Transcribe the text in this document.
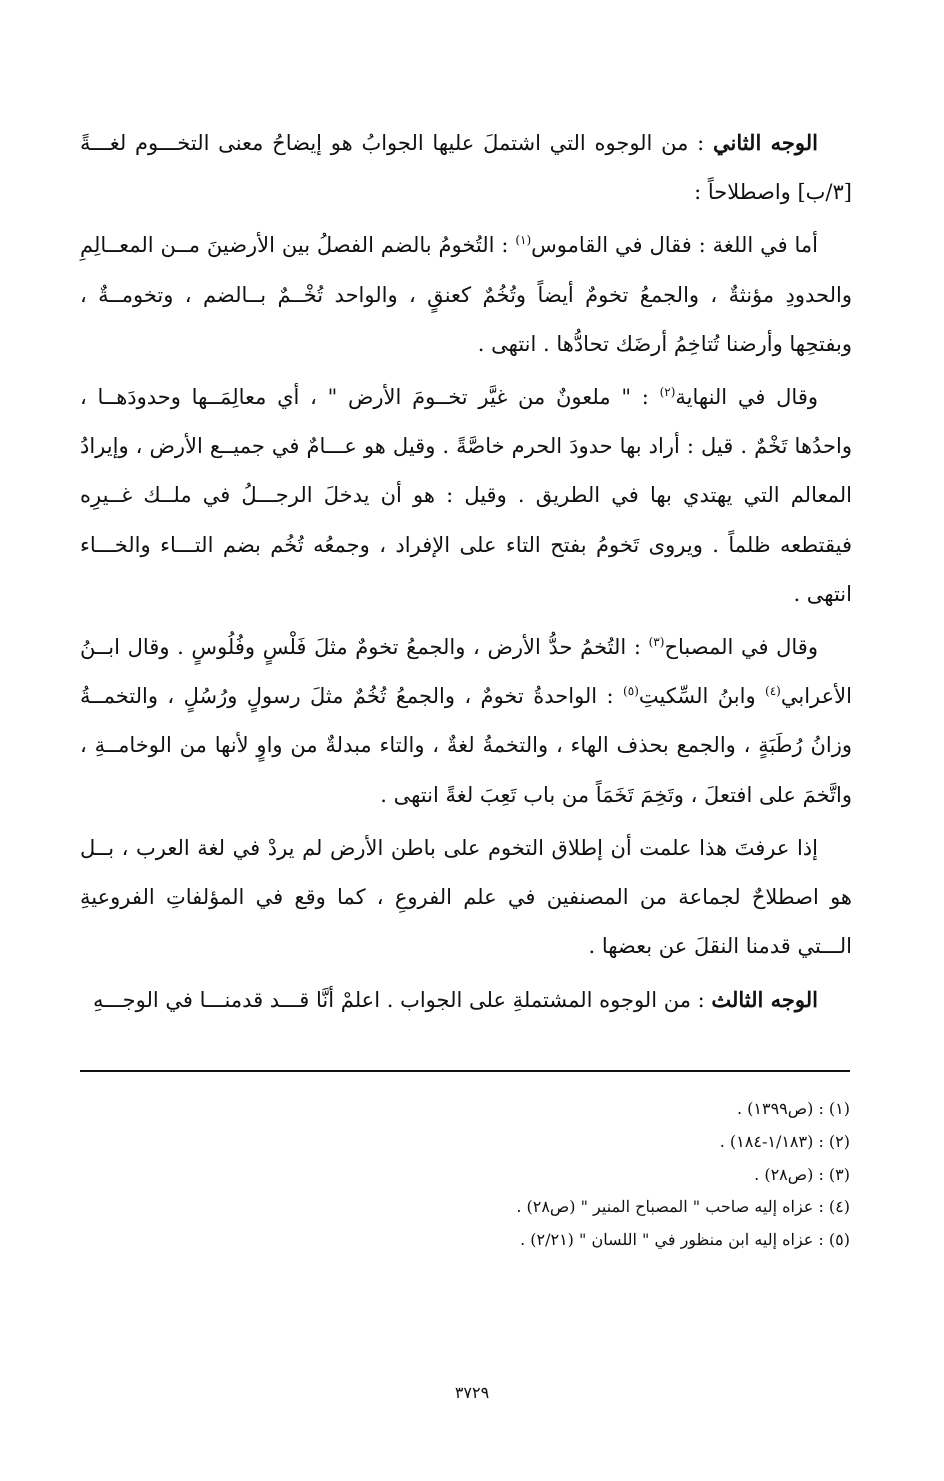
الوجه الثاني : من الوجوه التي اشتملَ عليها الجوابُ هو إيضاحُ معنى التخـــوم لغـــةً [٣/ب] واصطلاحاً :

أما في اللغة : فقال في القاموس$^{(١)}$ : التُخومُ بالضم الفصلُ بين الأرضينَ مــن المعــالِمِ والحدودِ مؤنثةٌ ، والجمعُ تخومٌ أيضاً وتُخُمٌ كعنقٍ ، والواحد تُخْــمٌ بــالضم ، وتخومــةٌ ، وبفتحِها وأرضنا تُتاخِمُ أرضَك تحادُّها . انتهى .

وقال في النهاية$^{(٢)}$ : " ملعونٌ من غيَّر تخــومَ الأرض " ، أي معالِمَــها وحدودَهــا ، واحدُها تَخْمٌ . قيل : أراد بها حدودَ الحرم خاصَّةً . وقيل هو عـــامٌ في جميــع الأرض ، وإيرادُ المعالم التي يهتدي بها في الطريق . وقيل : هو أن يدخلَ الرجـــلُ في ملــك غــيرِه فيقتطعه ظلماً . ويروى تَخومُ بفتح التاء على الإفراد ، وجمعُه تُخُم بضم التـــاء والخـــاء انتهى .

وقال في المصباح$^{(٣)}$ : التُخمُ حدُّ الأرض ، والجمعُ تخومٌ مثلَ فَلْسٍ وفُلُوسٍ . وقال ابــنُ الأعرابي$^{(٤)}$ وابنُ السِّكيتِ$^{(٥)}$ : الواحدةُ تخومٌ ، والجمعُ تُخُمٌ مثلَ رسولٍ ورُسُلٍ ، والتخمــةُ وزانُ رُطَبَةٍ ، والجمع بحذف الهاء ، والتخمةُ لغةٌ ، والتاء مبدلةٌ من واوٍ لأنها من الوخامــةِ ، واتَّخمَ على افتعلَ ، وتَخِمَ تَخَمَاً من باب تَعِبَ لغةً انتهى .

إذا عرفتَ هذا علمت أن إطلاق التخوم على باطن الأرض لم يردْ في لغة العرب ، بــل هو اصطلاحٌ لجماعة من المصنفين في علم الفروعِ ، كما وقع في المؤلفاتِ الفروعيةِ الـــتي قدمنا النقلَ عن بعضها .

الوجه الثالث : من الوجوه المشتملةِ على الجواب . اعلمْ أنَّا قـــد قدمنـــا في الوجـــهِ

(١) : (ص١٣٩٩) .

(٢) : (١/١٨٣-١٨٤) .

(٣) : (ص٢٨) .

(٤) : عزاه إليه صاحب " المصباح المنير " (ص٢٨) .

(٥) : عزاه إليه ابن منظور في " اللسان " (٢/٢١) .

٣٧٢٩
